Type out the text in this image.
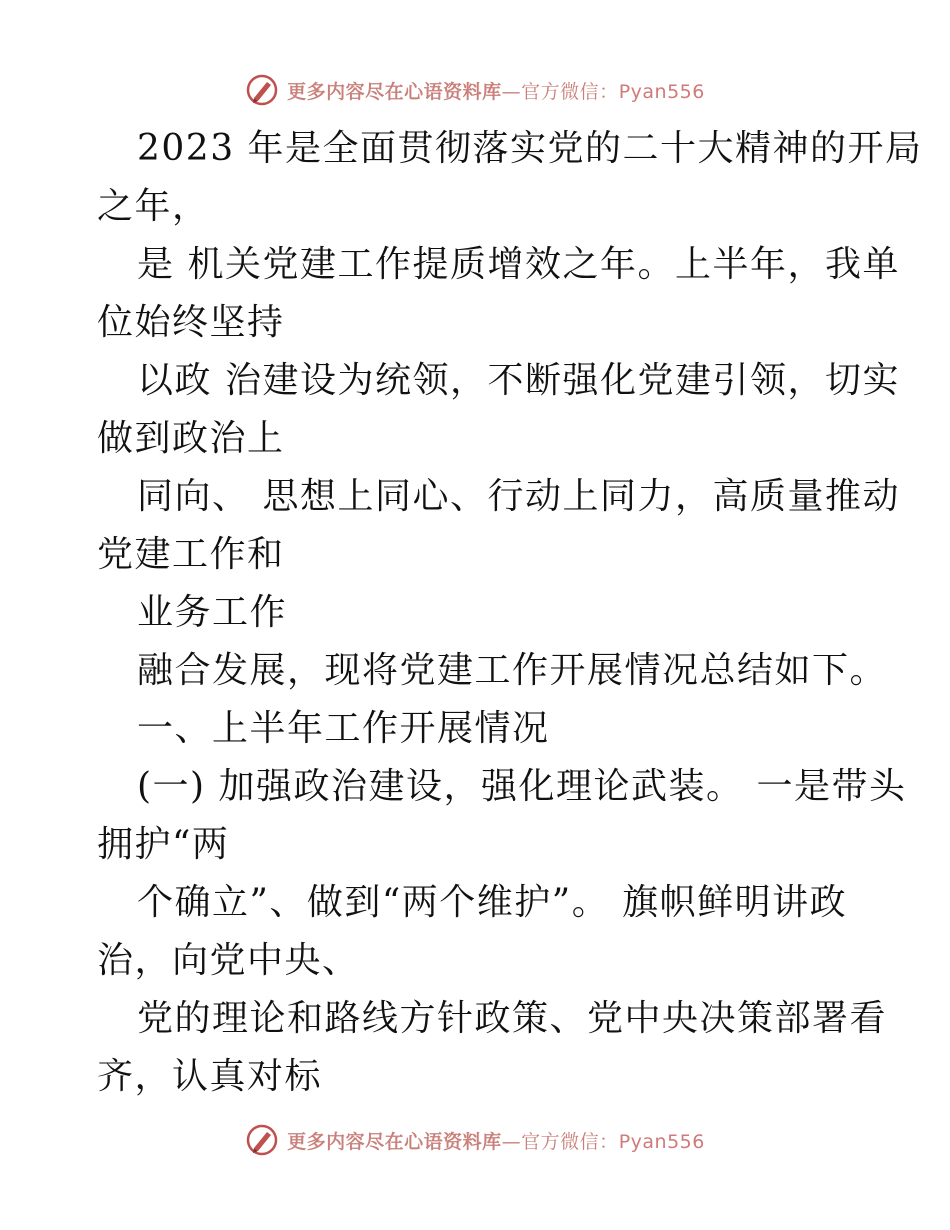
更多内容尽在心语资料库—官方微信：Pyan556
2023 年是全面贯彻落实党的二十大精神的开局
之年，
是 机关党建工作提质增效之年。上半年，我单
位始终坚持
以政 治建设为统领，不断强化党建引领，切实
做到政治上
同向、 思想上同心、行动上同力，高质量推动
党建工作和
业务工作
融合发展，现将党建工作开展情况总结如下。
一、上半年工作开展情况
(一) 加强政治建设，强化理论武装。 一是带头
拥护“两
个确立”、做到“两个维护”。 旗帜鲜明讲政
治，向党中央、
党的理论和路线方针政策、党中央决策部署看
齐，认真对标
更多内容尽在心语资料库—官方微信：Pyan556
